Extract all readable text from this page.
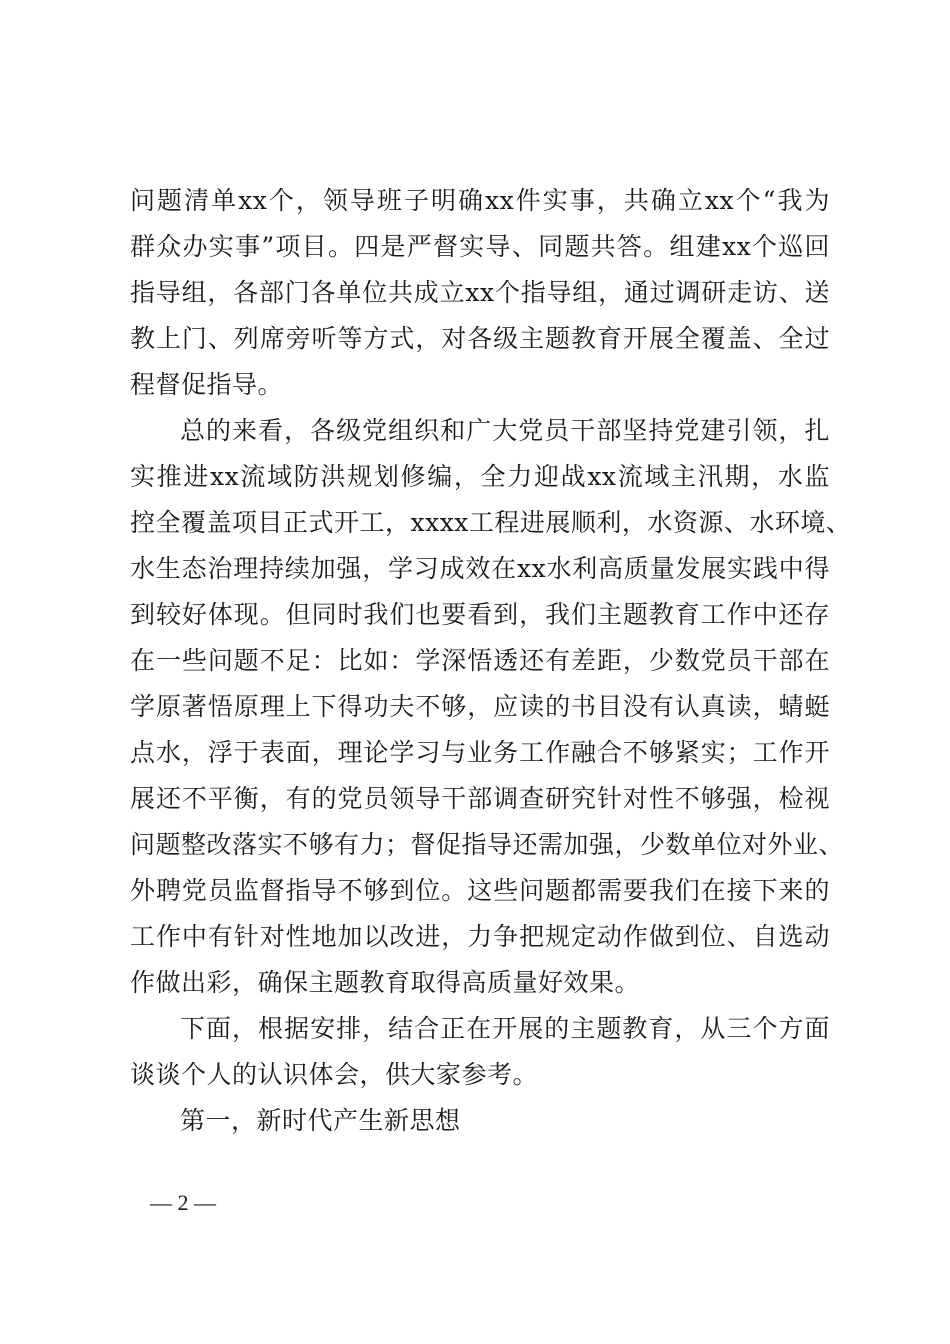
问题清单xx个，领导班子明确xx件实事，共确立xx个“我为
群众办实事”项目。四是严督实导、同题共答。组建xx个巡回
指导组，各部门各单位共成立xx个指导组，通过调研走访、送
教上门、列席旁听等方式，对各级主题教育开展全覆盖、全过
程督促指导。
总的来看，各级党组织和广大党员干部坚持党建引领，扎
实推进xx流域防洪规划修编，全力迎战xx流域主汛期，水监
控全覆盖项目正式开工，xxxx工程进展顺利，水资源、水环境、
水生态治理持续加强，学习成效在xx水利高质量发展实践中得
到较好体现。但同时我们也要看到，我们主题教育工作中还存
在一些问题不足：比如：学深悟透还有差距，少数党员干部在
学原著悟原理上下得功夫不够，应读的书目没有认真读，蜻蜓
点水，浮于表面，理论学习与业务工作融合不够紧实；工作开
展还不平衡，有的党员领导干部调查研究针对性不够强，检视
问题整改落实不够有力；督促指导还需加强，少数单位对外业、
外聘党员监督指导不够到位。这些问题都需要我们在接下来的
工作中有针对性地加以改进，力争把规定动作做到位、自选动
作做出彩，确保主题教育取得高质量好效果。
下面，根据安排，结合正在开展的主题教育，从三个方面
谈谈个人的认识体会，供大家参考。
第一，新时代产生新思想
— 2 —
